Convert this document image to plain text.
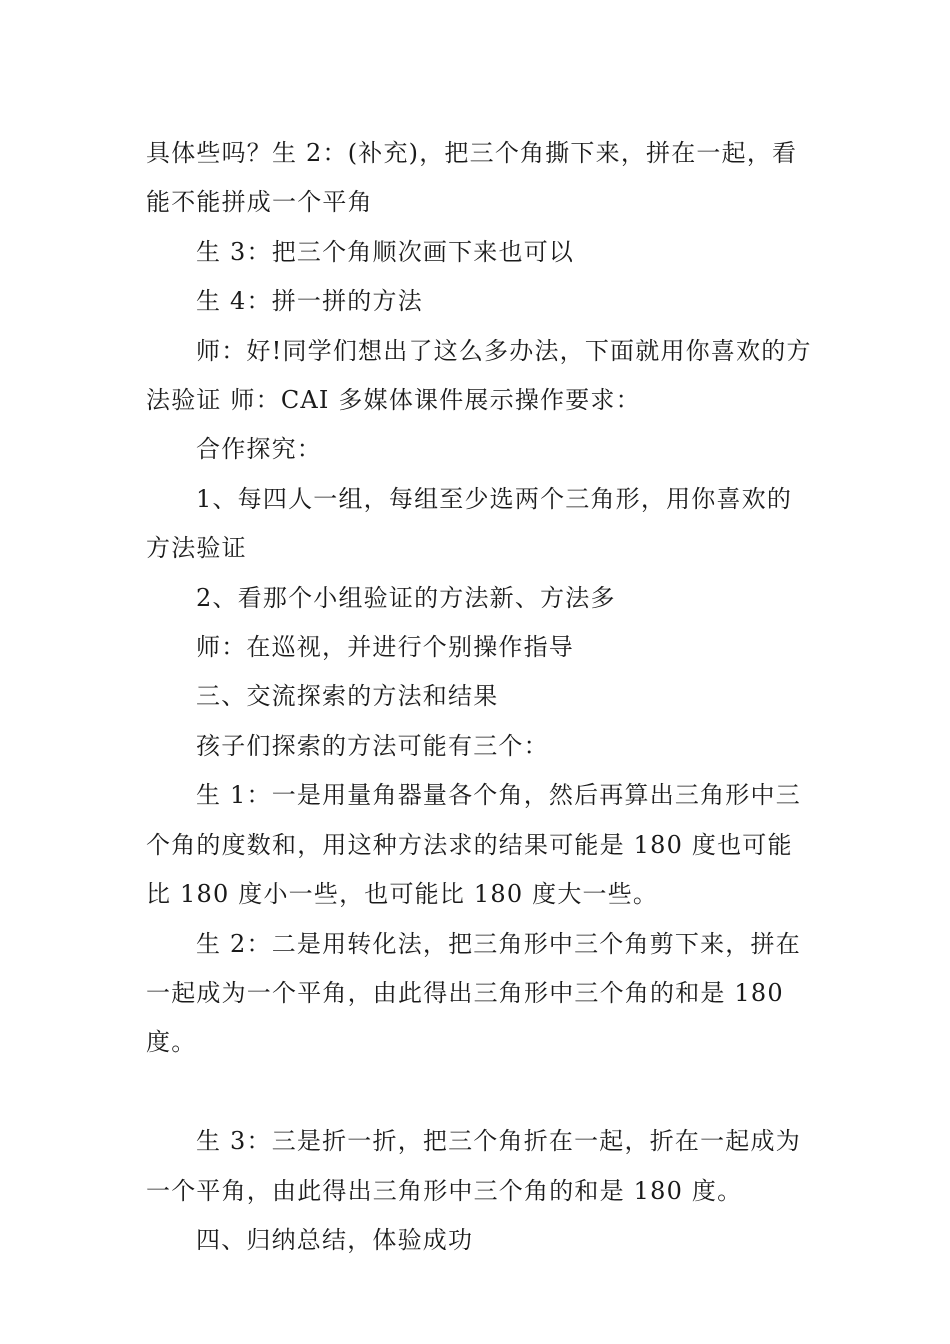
具体些吗？生 2：(补充)，把三个角撕下来，拼在一起，看能不能拼成一个平角

生 3：把三个角顺次画下来也可以

生 4：拼一拼的方法

师：好!同学们想出了这么多办法，下面就用你喜欢的方法验证 师：CAI 多媒体课件展示操作要求：

合作探究：

1、每四人一组，每组至少选两个三角形，用你喜欢的方法验证

2、看那个小组验证的方法新、方法多

师：在巡视，并进行个别操作指导

三、交流探索的方法和结果

孩子们探索的方法可能有三个：

生 1：一是用量角器量各个角，然后再算出三角形中三个角的度数和，用这种方法求的结果可能是 180 度也可能比 180 度小一些，也可能比 180 度大一些。

生 2：二是用转化法，把三角形中三个角剪下来，拼在一起成为一个平角，由此得出三角形中三个角的和是 180 度。

生 3：三是折一折，把三个角折在一起，折在一起成为一个平角，由此得出三角形中三个角的和是 180 度。

四、归纳总结，体验成功
